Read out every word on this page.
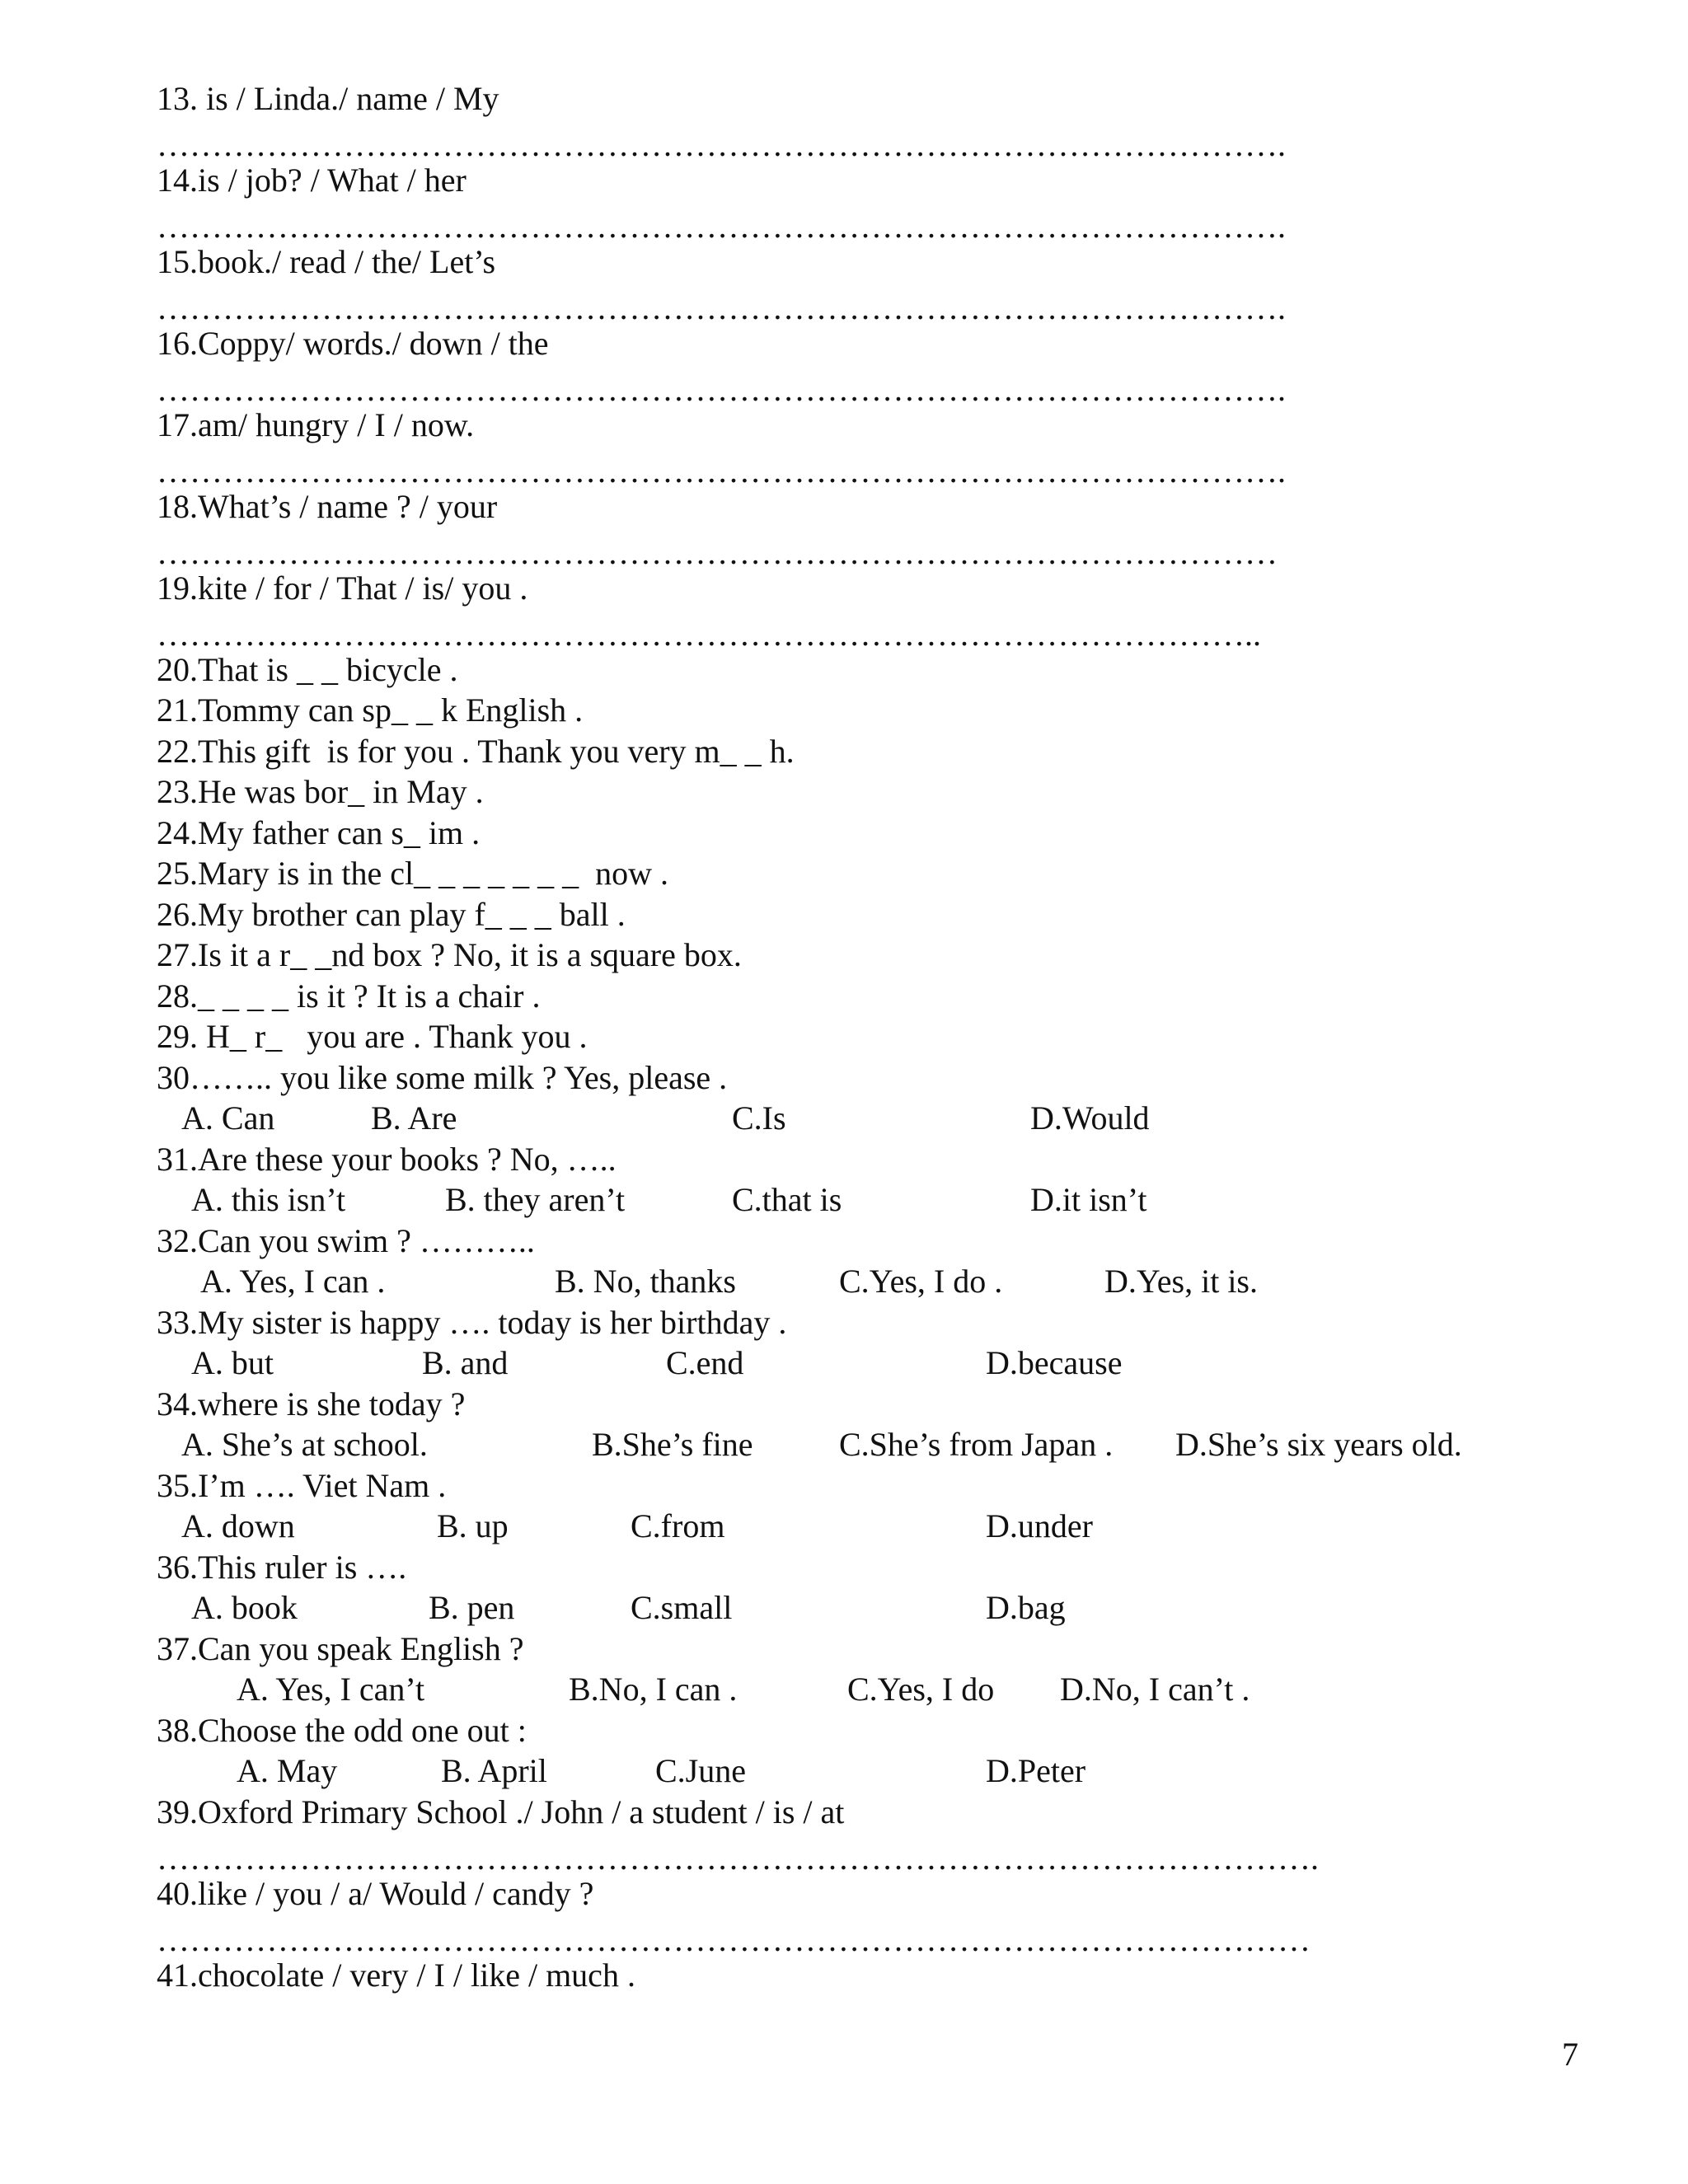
13. is / Linda./ name / My
………………………………………………………………………………………….
14.is / job? / What / her
………………………………………………………………………………………….
15.book./ read / the/ Let’s
………………………………………………………………………………………….
16.Coppy/ words./ down / the
………………………………………………………………………………………….
17.am/ hungry / I / now.
………………………………………………………………………………………….
18.What’s / name ? / your
…………………………………………………………………………………………
19.kite / for / That / is/ you .
………………………………………………………………………………………..
20.That is _ _ bicycle .
21.Tommy can sp_ _ k English .
22.This gift  is for you . Thank you very m_ _ h.
23.He was bor_ in May .
24.My father can s_ im .
25.Mary is in the cl_ _ _ _ _ _ _  now .
26.My brother can play f_ _ _ ball .
27.Is it a r_ _nd box ? No, it is a square box.
28._ _ _ _ is it ? It is a chair .
29. H_ r_   you are . Thank you .
30…….. you like some milk ? Yes, please .
A. Can	B. Are	C.Is	D.Would
31.Are these your books ? No, …..
A. this isn’t	B. they aren’t	C.that is	D.it isn’t
32.Can you swim ? ………..
A. Yes, I can .	B. No, thanks	C.Yes, I do .	D.Yes, it is.
33.My sister is happy …. today is her birthday .
A. but	B. and	C.end	D.because
34.where is she today ?
A. She’s at school.	B.She’s fine	C.She’s from Japan . D.She’s six years old.
35.I’m …. Viet Nam .
A. down	B. up	C.from	D.under
36.This ruler is ….
A. book	B. pen	C.small	D.bag
37.Can you speak English ?
A. Yes, I can’t	B.No, I can .	C.Yes, I do D.No, I can’t .
38.Choose the odd one out :
A. May	B. April	C.June	D.Peter
39.Oxford Primary School ./ John / a student / is / at
…………………………………………………………………………………………….
40.like / you / a/ Would / candy ?
……………………………………………………………………………………………
41.chocolate / very / I / like / much .
7
